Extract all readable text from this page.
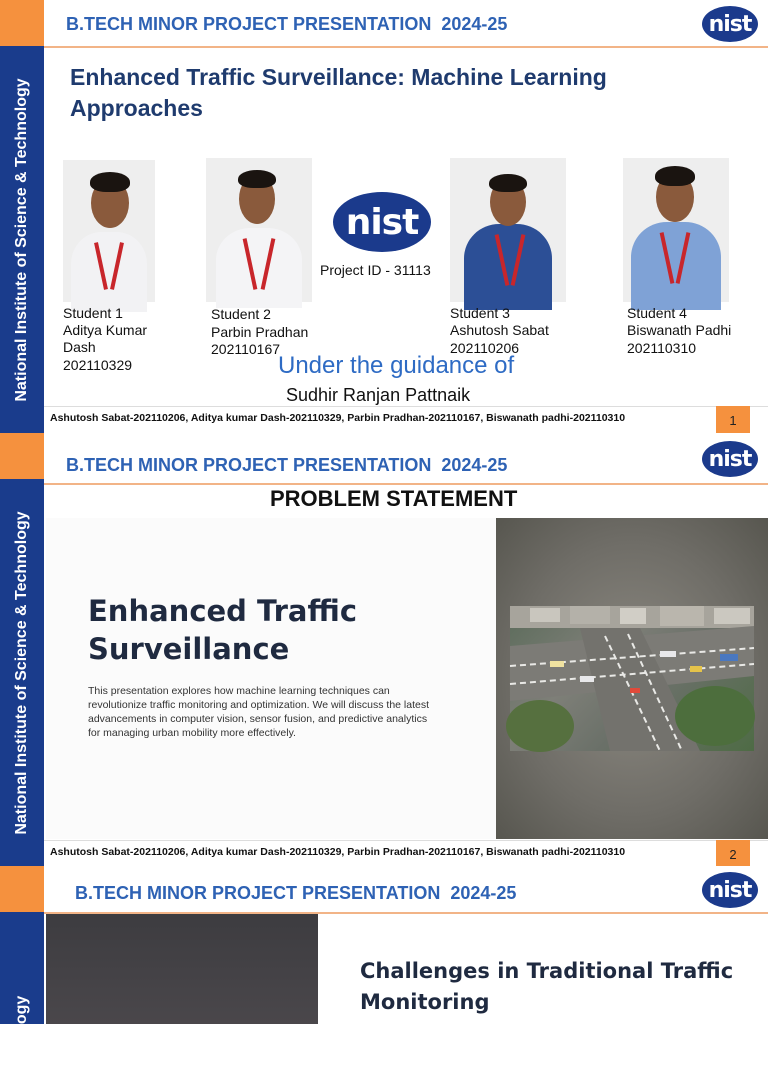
National Institute of Science & Technology
B.TECH MINOR PROJECT PRESENTATION  2024-25	nist
Enhanced Traffic Surveillance: Machine Learning Approaches
nist
Project ID - 31113
Student 1
Aditya Kumar
Dash
202110329
Student 2
Parbin Pradhan
202110167
Student 3
Ashutosh Sabat
202110206
Student 4
Biswanath Padhi
202110310
Under the guidance of
Sudhir Ranjan Pattnaik
Ashutosh Sabat-202110206, Aditya kumar Dash-202110329, Parbin Pradhan-202110167, Biswanath padhi-202110310	1
National Institute of Science & Technology
B.TECH MINOR PROJECT PRESENTATION  2024-25	nist
PROBLEM STATEMENT
Enhanced Traffic
Surveillance
This presentation explores how machine learning techniques can revolutionize traffic monitoring and optimization. We will discuss the latest advancements in computer vision, sensor fusion, and predictive analytics for managing urban mobility more effectively.
Ashutosh Sabat-202110206, Aditya kumar Dash-202110329, Parbin Pradhan-202110167, Biswanath padhi-202110310	2
Technology
B.TECH MINOR PROJECT PRESENTATION  2024-25	nist
Challenges in Traditional Traffic
Monitoring
